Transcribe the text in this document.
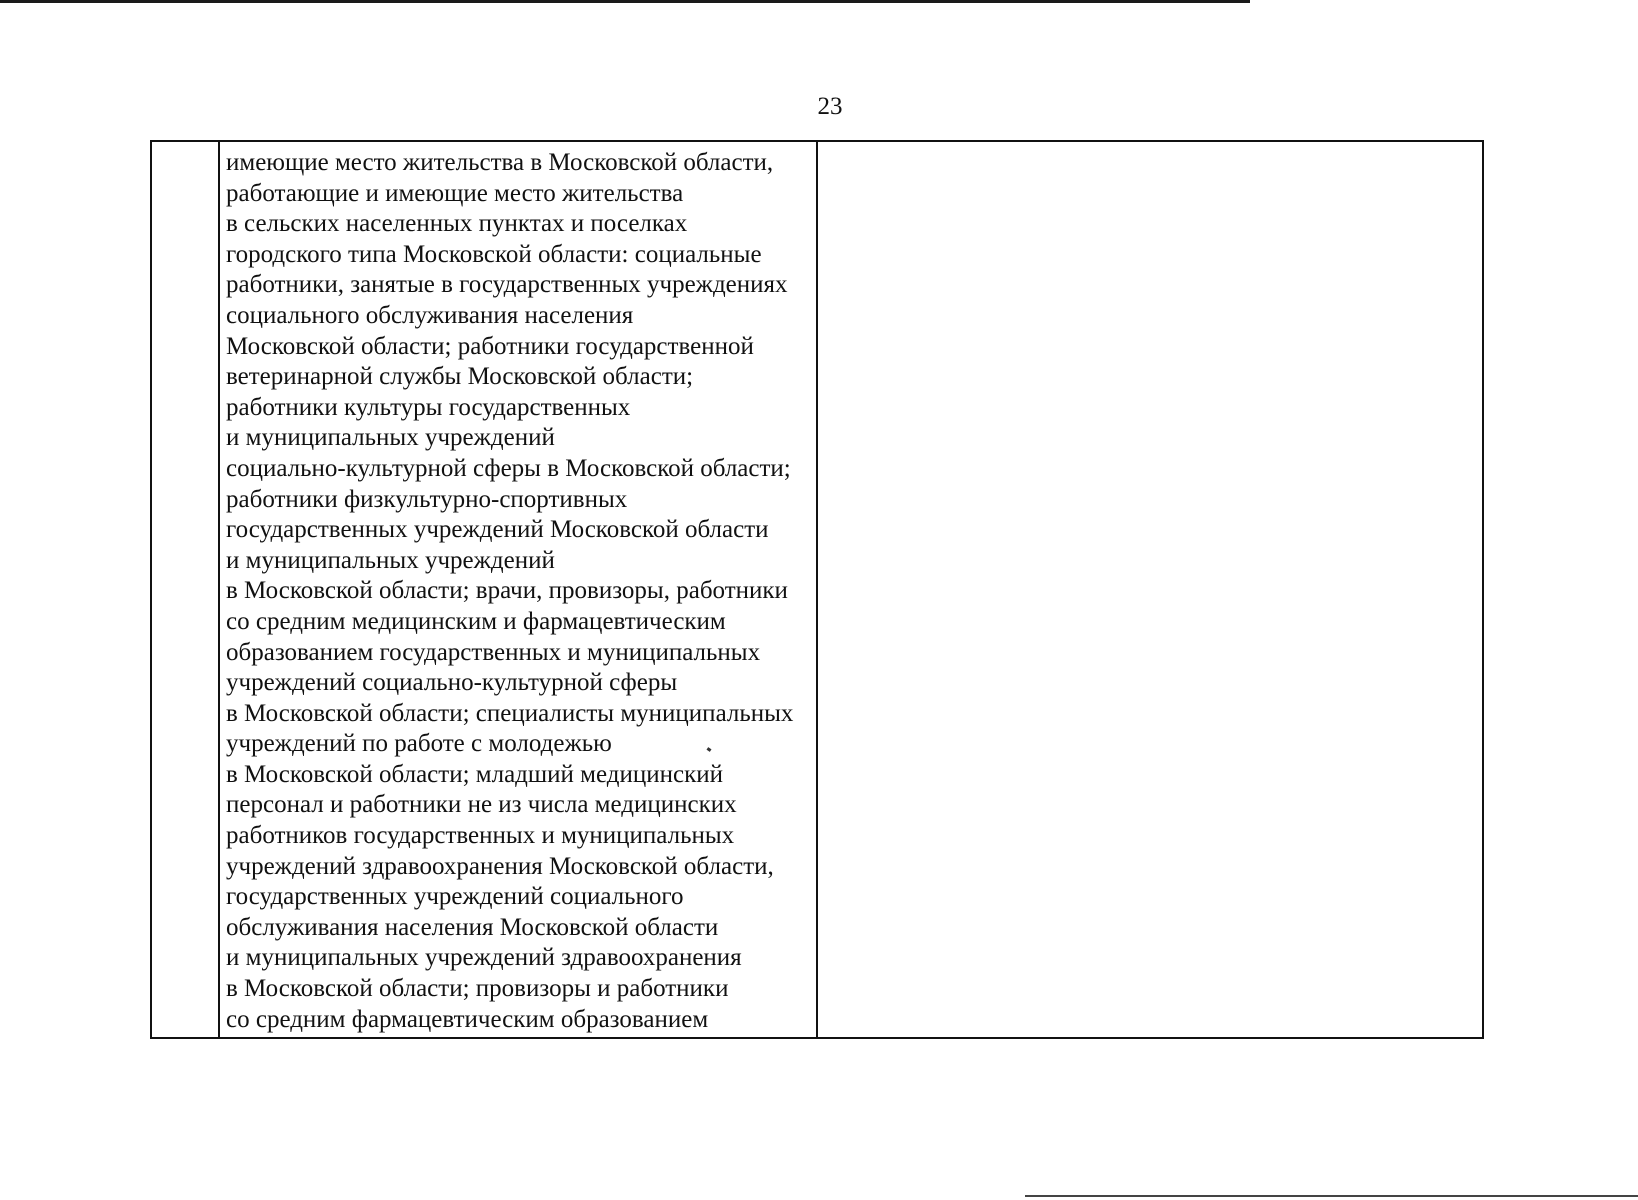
23
имеющие место жительства в Московской области,
работающие и имеющие место жительства
в сельских населенных пунктах и поселках
городского типа Московской области: социальные
работники, занятые в государственных учреждениях
социального обслуживания населения
Московской области; работники государственной
ветеринарной службы Московской области;
работники культуры государственных
и муниципальных учреждений
социально-культурной сферы в Московской области;
работники физкультурно-спортивных
государственных учреждений Московской области
и муниципальных учреждений
в Московской области; врачи, провизоры, работники
со средним медицинским и фармацевтическим
образованием государственных и муниципальных
учреждений социально-культурной сферы
в Московской области; специалисты муниципальных
учреждений по работе с молодежью
в Московской области; младший медицинский
персонал и работники не из числа медицинских
работников государственных и муниципальных
учреждений здравоохранения Московской области,
государственных учреждений социального
обслуживания населения Московской области
и муниципальных учреждений здравоохранения
в Московской области; провизоры и работники
со средним фармацевтическим образованием
